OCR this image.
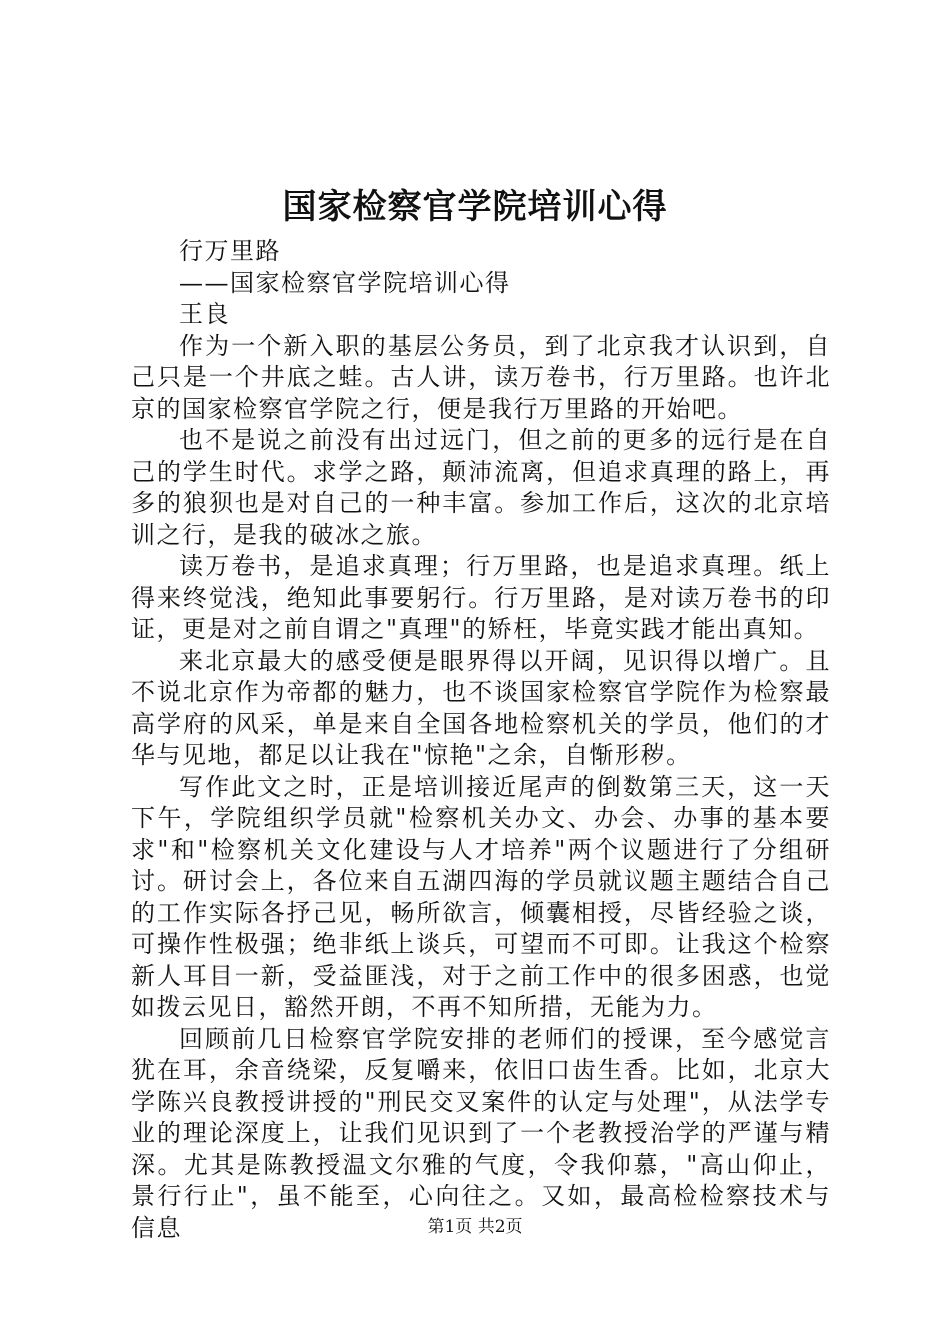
国家检察官学院培训心得

行万里路

——国家检察官学院培训心得

王良

作为一个新入职的基层公务员，到了北京我才认识到，自己只是一个井底之蛙。古人讲，读万卷书，行万里路。也许北京的国家检察官学院之行，便是我行万里路的开始吧。

也不是说之前没有出过远门，但之前的更多的远行是在自己的学生时代。求学之路，颠沛流离，但追求真理的路上，再多的狼狈也是对自己的一种丰富。参加工作后，这次的北京培训之行，是我的破冰之旅。

读万卷书，是追求真理；行万里路，也是追求真理。纸上得来终觉浅，绝知此事要躬行。行万里路，是对读万卷书的印证，更是对之前自谓之"真理"的矫枉，毕竟实践才能出真知。

来北京最大的感受便是眼界得以开阔，见识得以增广。且不说北京作为帝都的魅力，也不谈国家检察官学院作为检察最高学府的风采，单是来自全国各地检察机关的学员，他们的才华与见地，都足以让我在"惊艳"之余，自惭形秽。

写作此文之时，正是培训接近尾声的倒数第三天，这一天下午，学院组织学员就"检察机关办文、办会、办事的基本要求"和"检察机关文化建设与人才培养"两个议题进行了分组研讨。研讨会上，各位来自五湖四海的学员就议题主题结合自己的工作实际各抒己见，畅所欲言，倾囊相授，尽皆经验之谈，可操作性极强；绝非纸上谈兵，可望而不可即。让我这个检察新人耳目一新，受益匪浅，对于之前工作中的很多困惑，也觉如拨云见日，豁然开朗，不再不知所措，无能为力。

回顾前几日检察官学院安排的老师们的授课，至今感觉言犹在耳，余音绕梁，反复嚼来，依旧口齿生香。比如，北京大学陈兴良教授讲授的"刑民交叉案件的认定与处理"，从法学专业的理论深度上，让我们见识到了一个老教授治学的严谨与精深。尤其是陈教授温文尔雅的气度，令我仰慕，"高山仰止，景行行止"，虽不能至，心向往之。又如，最高检检察技术与信息	第1页 共2页
